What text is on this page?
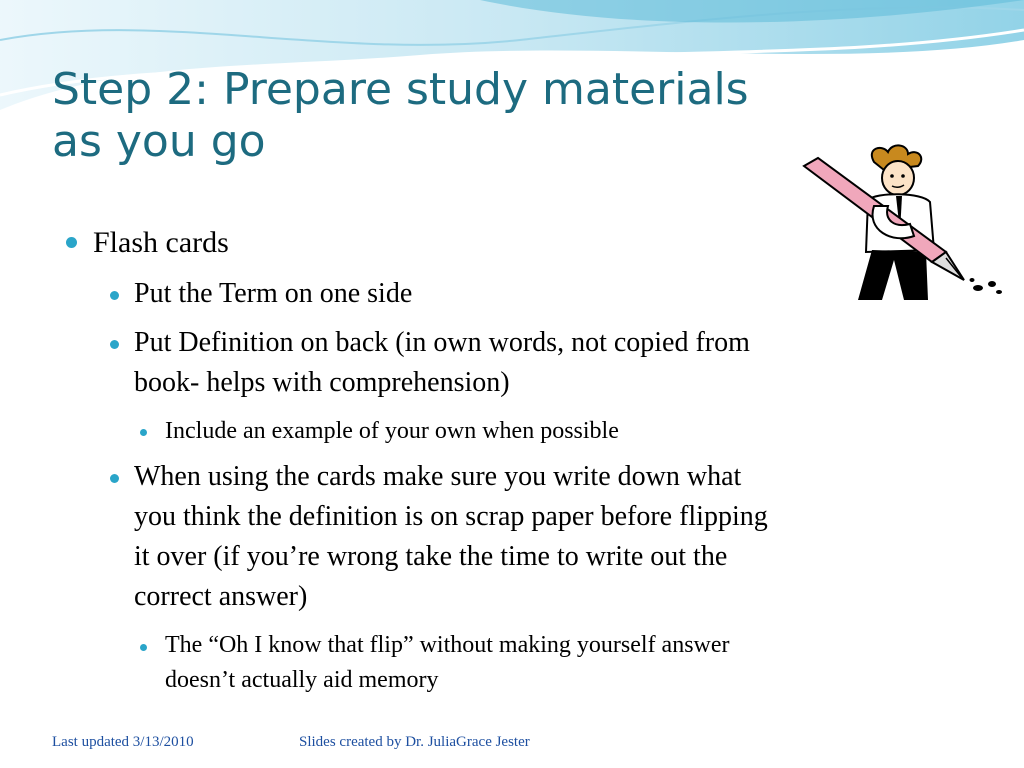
Step 2: Prepare study materials
as you go
Flash cards
Put the Term on one side
Put Definition on back (in own words, not copied from
book- helps with comprehension)
Include an example of your own when possible
When using the cards make sure you write down what
you think the definition is on scrap paper before flipping
it over (if you’re wrong take the time to write out the
correct answer)
The “Oh I know that flip” without making yourself answer
doesn’t actually aid memory
Last updated 3/13/2010	Slides created by Dr. JuliaGrace Jester
